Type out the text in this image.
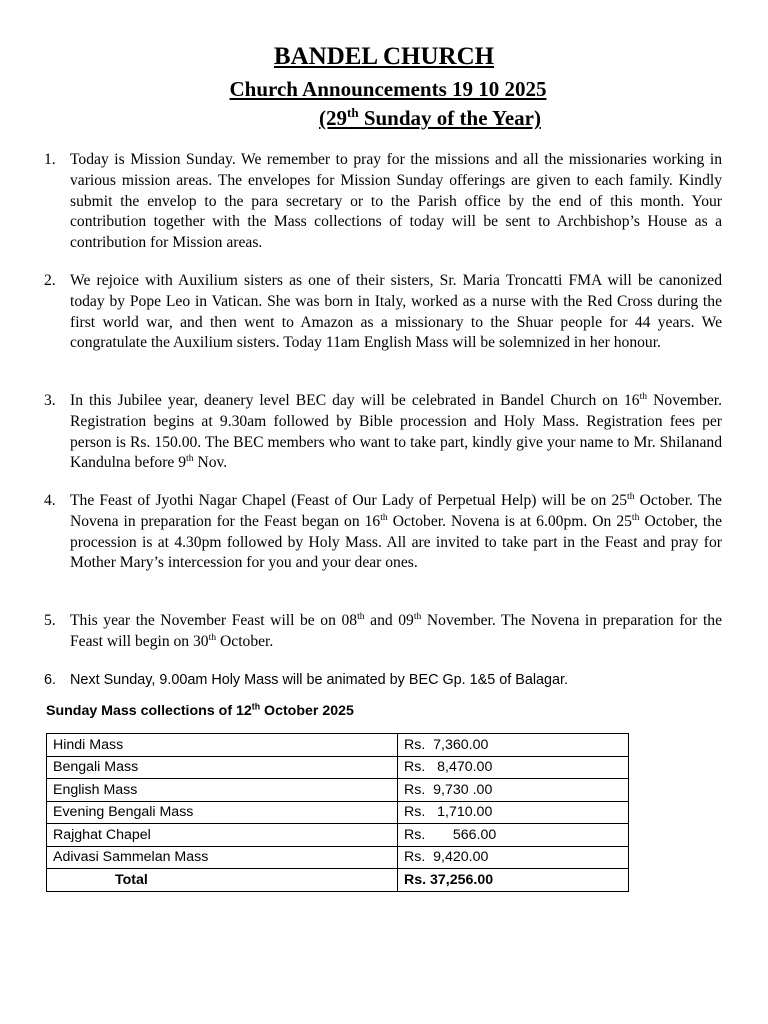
BANDEL CHURCH
Church Announcements 19 10 2025
(29th Sunday of the Year)
1. Today is Mission Sunday. We remember to pray for the missions and all the missionaries working in various mission areas. The envelopes for Mission Sunday offerings are given to each family. Kindly submit the envelop to the para secretary or to the Parish office by the end of this month. Your contribution together with the Mass collections of today will be sent to Archbishop’s House as a contribution for Mission areas.
2. We rejoice with Auxilium sisters as one of their sisters, Sr. Maria Troncatti FMA will be canonized today by Pope Leo in Vatican. She was born in Italy, worked as a nurse with the Red Cross during the first world war, and then went to Amazon as a missionary to the Shuar people for 44 years. We congratulate the Auxilium sisters. Today 11am English Mass will be solemnized in her honour.
3. In this Jubilee year, deanery level BEC day will be celebrated in Bandel Church on 16th November. Registration begins at 9.30am followed by Bible procession and Holy Mass. Registration fees per person is Rs. 150.00. The BEC members who want to take part, kindly give your name to Mr. Shilanand Kandulna before 9th Nov.
4. The Feast of Jyothi Nagar Chapel (Feast of Our Lady of Perpetual Help) will be on 25th October. The Novena in preparation for the Feast began on 16th October. Novena is at 6.00pm. On 25th October, the procession is at 4.30pm followed by Holy Mass. All are invited to take part in the Feast and pray for Mother Mary’s intercession for you and your dear ones.
5. This year the November Feast will be on 08th and 09th November. The Novena in preparation for the Feast will begin on 30th October.
6. Next Sunday, 9.00am Holy Mass will be animated by BEC Gp. 1&5 of Balagar.
Sunday Mass collections of 12th October 2025
Hindi Mass	Rs.  7,360.00
Bengali Mass	Rs.   8,470.00
English Mass	Rs.  9,730 .00
Evening Bengali Mass	Rs.   1,710.00
Rajghat Chapel	Rs.       566.00
Adivasi Sammelan Mass	Rs.  9,420.00
Total	Rs. 37,256.00
